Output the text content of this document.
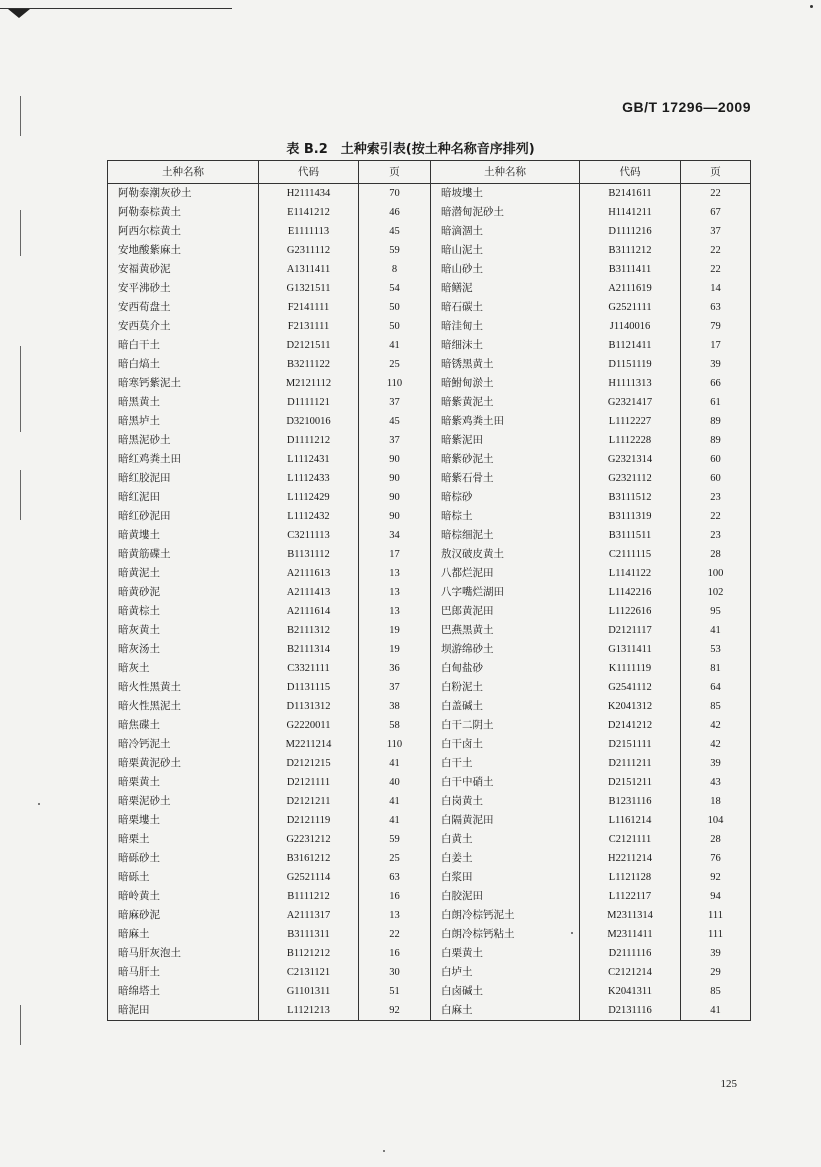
GB/T 17296—2009
表 B.2　土种索引表(按土种名称音序排列)
土种名称	代码	页	土种名称	代码	页
阿勒泰潮灰砂土	H2111434	70	暗坡塿土	B2141611	22
阿勒泰棕黄土	E1141212	46	暗潜甸泥砂土	H1141211	67
阿西尔棕黄土	E1111113	45	暗滴涸土	D1111216	37
安地酸紫麻土	G2311112	59	暗山泥土	B3111212	22
安福黄砂泥	A1311411	8	暗山砂土	B3111411	22
安平沸砂土	G1321511	54	暗鳝泥	A2111619	14
安西荀盘土	F2141111	50	暗石碳土	G2521111	63
安西莫介土	F2131111	50	暗洼甸土	J1140016	79
暗白干土	D2121511	41	暗细沫土	B1121411	17
暗白熇土	B3211122	25	暗锈黑黄土	D1151119	39
暗寒钙紫泥土	M2121112	110	暗鮒甸淤土	H1111313	66
暗黑黄土	D1111121	37	暗紫黄泥土	G2321417	61
暗黑垆土	D3210016	45	暗紫鸡粪土田	L1112227	89
暗黑泥砂土	D1111212	37	暗紫泥田	L1112228	89
暗红鸡粪土田	L1112431	90	暗紫砂泥土	G2321314	60
暗红胶泥田	L1112433	90	暗紫石骨土	G2321112	60
暗红泥田	L1112429	90	暗棕砂	B3111512	23
暗红砂泥田	L1112432	90	暗棕土	B3111319	22
暗黄塿土	C3211113	34	暗棕细泥土	B3111511	23
暗黄筋碟土	B1131112	17	敖汉破皮黄土	C2111115	28
暗黄泥土	A2111613	13	八都烂泥田	L1141122	100
暗黄砂泥	A2111413	13	八字嘴烂湖田	L1142216	102
暗黄棕土	A2111614	13	巴郎黄泥田	L1122616	95
暗灰黄土	B2111312	19	巴燕黑黄土	D2121117	41
暗灰汤土	B2111314	19	坝游绵砂土	G1311411	53
暗灰土	C3321111	36	白甸盐砂	K1111119	81
暗火性黑黄土	D1131115	37	白粉泥土	G2541112	64
暗火性黑泥土	D1131312	38	白盖碱土	K2041312	85
暗焦碟土	G2220011	58	白干二阴土	D2141212	42
暗冷钙泥土	M2211214	110	白干卤土	D2151111	42
暗栗黄泥砂土	D2121215	41	白干土	D2111211	39
暗栗黄土	D2121111	40	白干中硝土	D2151211	43
暗栗泥砂土	D2121211	41	白岗黄土	B1231116	18
暗栗塿土	D2121119	41	白隔黄泥田	L1161214	104
暗栗土	G2231212	59	白黄土	C2121111	28
暗砾砂土	B3161212	25	白姜土	H2211214	76
暗砾土	G2521114	63	白浆田	L1121128	92
暗岭黄土	B1111212	16	白胶泥田	L1122117	94
暗麻砂泥	A2111317	13	白朗冷棕钙泥土	M2311314	111
暗麻土	B3111311	22	白朗冷棕钙粘土	M2311411	111
暗马肝灰泡土	B1121212	16	白栗黄土	D2111116	39
暗马肝土	C2131121	30	白垆土	C2121214	29
暗绵塔土	G1101311	51	白卤碱土	K2041311	85
暗泥田	L1121213	92	白麻土	D2131116	41
125
